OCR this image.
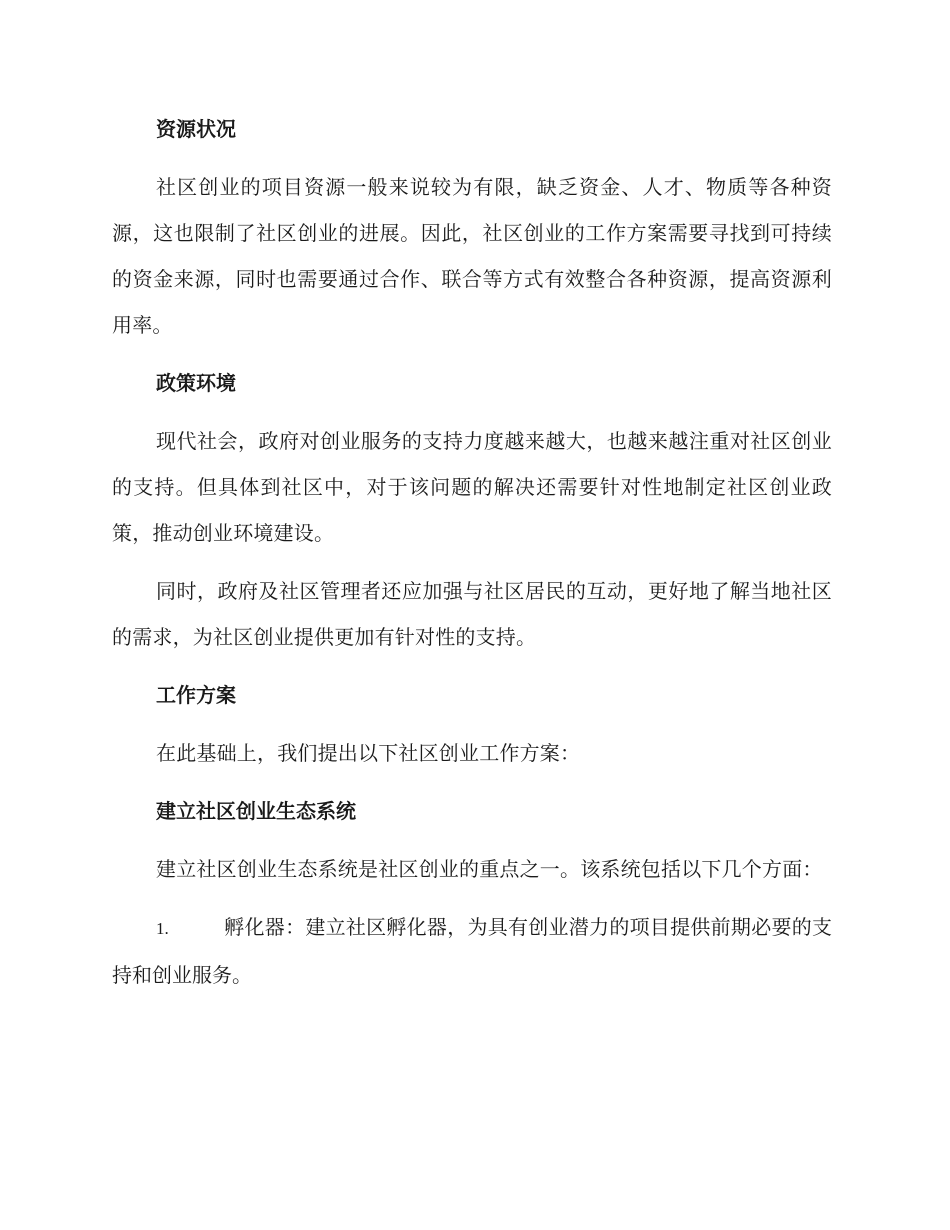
资源状况
社区创业的项目资源一般来说较为有限，缺乏资金、人才、物质等各种资源，这也限制了社区创业的进展。因此，社区创业的工作方案需要寻找到可持续的资金来源，同时也需要通过合作、联合等方式有效整合各种资源，提高资源利用率。
政策环境
现代社会，政府对创业服务的支持力度越来越大，也越来越注重对社区创业的支持。但具体到社区中，对于该问题的解决还需要针对性地制定社区创业政策，推动创业环境建设。
同时，政府及社区管理者还应加强与社区居民的互动，更好地了解当地社区的需求，为社区创业提供更加有针对性的支持。
工作方案
在此基础上，我们提出以下社区创业工作方案：
建立社区创业生态系统
建立社区创业生态系统是社区创业的重点之一。该系统包括以下几个方面：
1.	孵化器：建立社区孵化器，为具有创业潜力的项目提供前期必要的支持和创业服务。
